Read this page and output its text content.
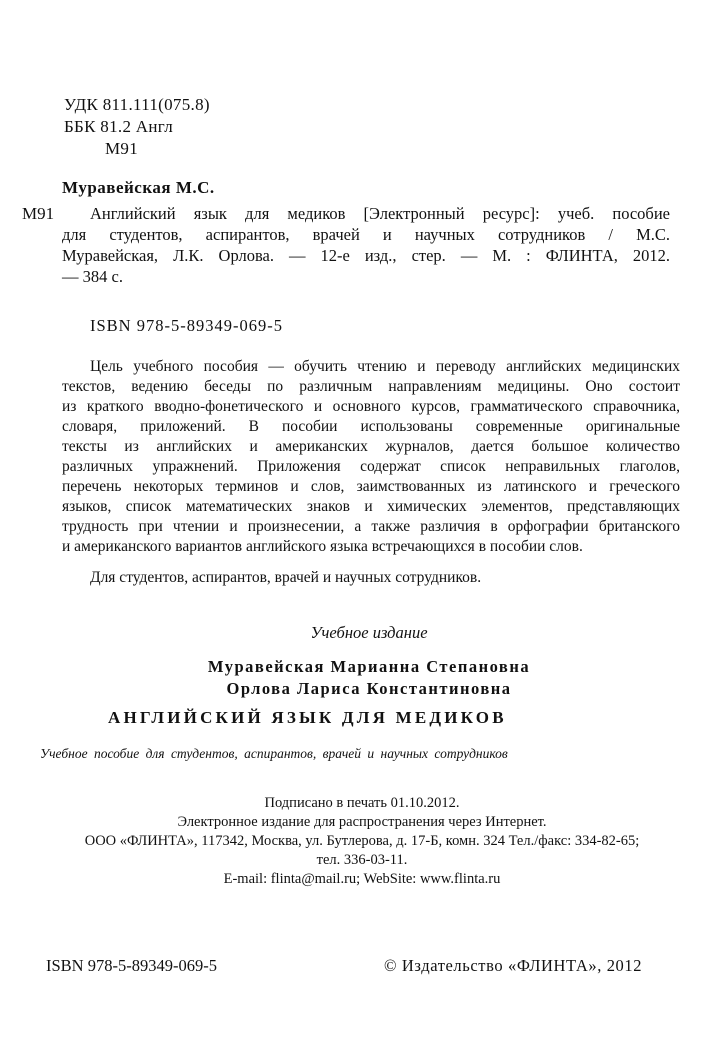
УДК 811.111(075.8)
ББК 81.2 Англ
М91
Муравейская М.С.
М91 Английский язык для медиков [Электронный ресурс]: учеб. пособие
для студентов, аспирантов, врачей и научных сотрудников / М.С.
Муравейская, Л.К. Орлова. — 12-е изд., стер. — М. : ФЛИНТА, 2012.
— 384 с.
ISBN 978-5-89349-069-5
Цель учебного пособия — обучить чтению и переводу английских медицинских
текстов, ведению беседы по различным направлениям медицины. Оно состоит
из краткого вводно-фонетического и основного курсов, грамматического справочника,
словаря, приложений. В пособии использованы современные оригинальные
тексты из английских и американских журналов, дается большое количество
различных упражнений. Приложения содержат список неправильных глаголов,
перечень некоторых терминов и слов, заимствованных из латинского и греческого
языков, список математических знаков и химических элементов, представляющих
трудность при чтении и произнесении, а также различия в орфографии британского
и американского вариантов английского языка встречающихся в пособии слов.
Для студентов, аспирантов, врачей и научных сотрудников.
Учебное издание
Муравейская Марианна Степановна
Орлова Лариса Константиновна
АНГЛИЙСКИЙ ЯЗЫК ДЛЯ МЕДИКОВ
Учебное пособие для студентов, аспирантов, врачей и научных сотрудников
Подписано в печать 01.10.2012.
Электронное издание для распространения через Интернет.
ООО «ФЛИНТА», 117342, Москва, ул. Бутлерова, д. 17-Б, комн. 324 Тел./факс: 334-82-65;
тел. 336-03-11.
E-mail: flinta@mail.ru; WebSite: www.flinta.ru
ISBN 978-5-89349-069-5	© Издательство «ФЛИНТА», 2012
